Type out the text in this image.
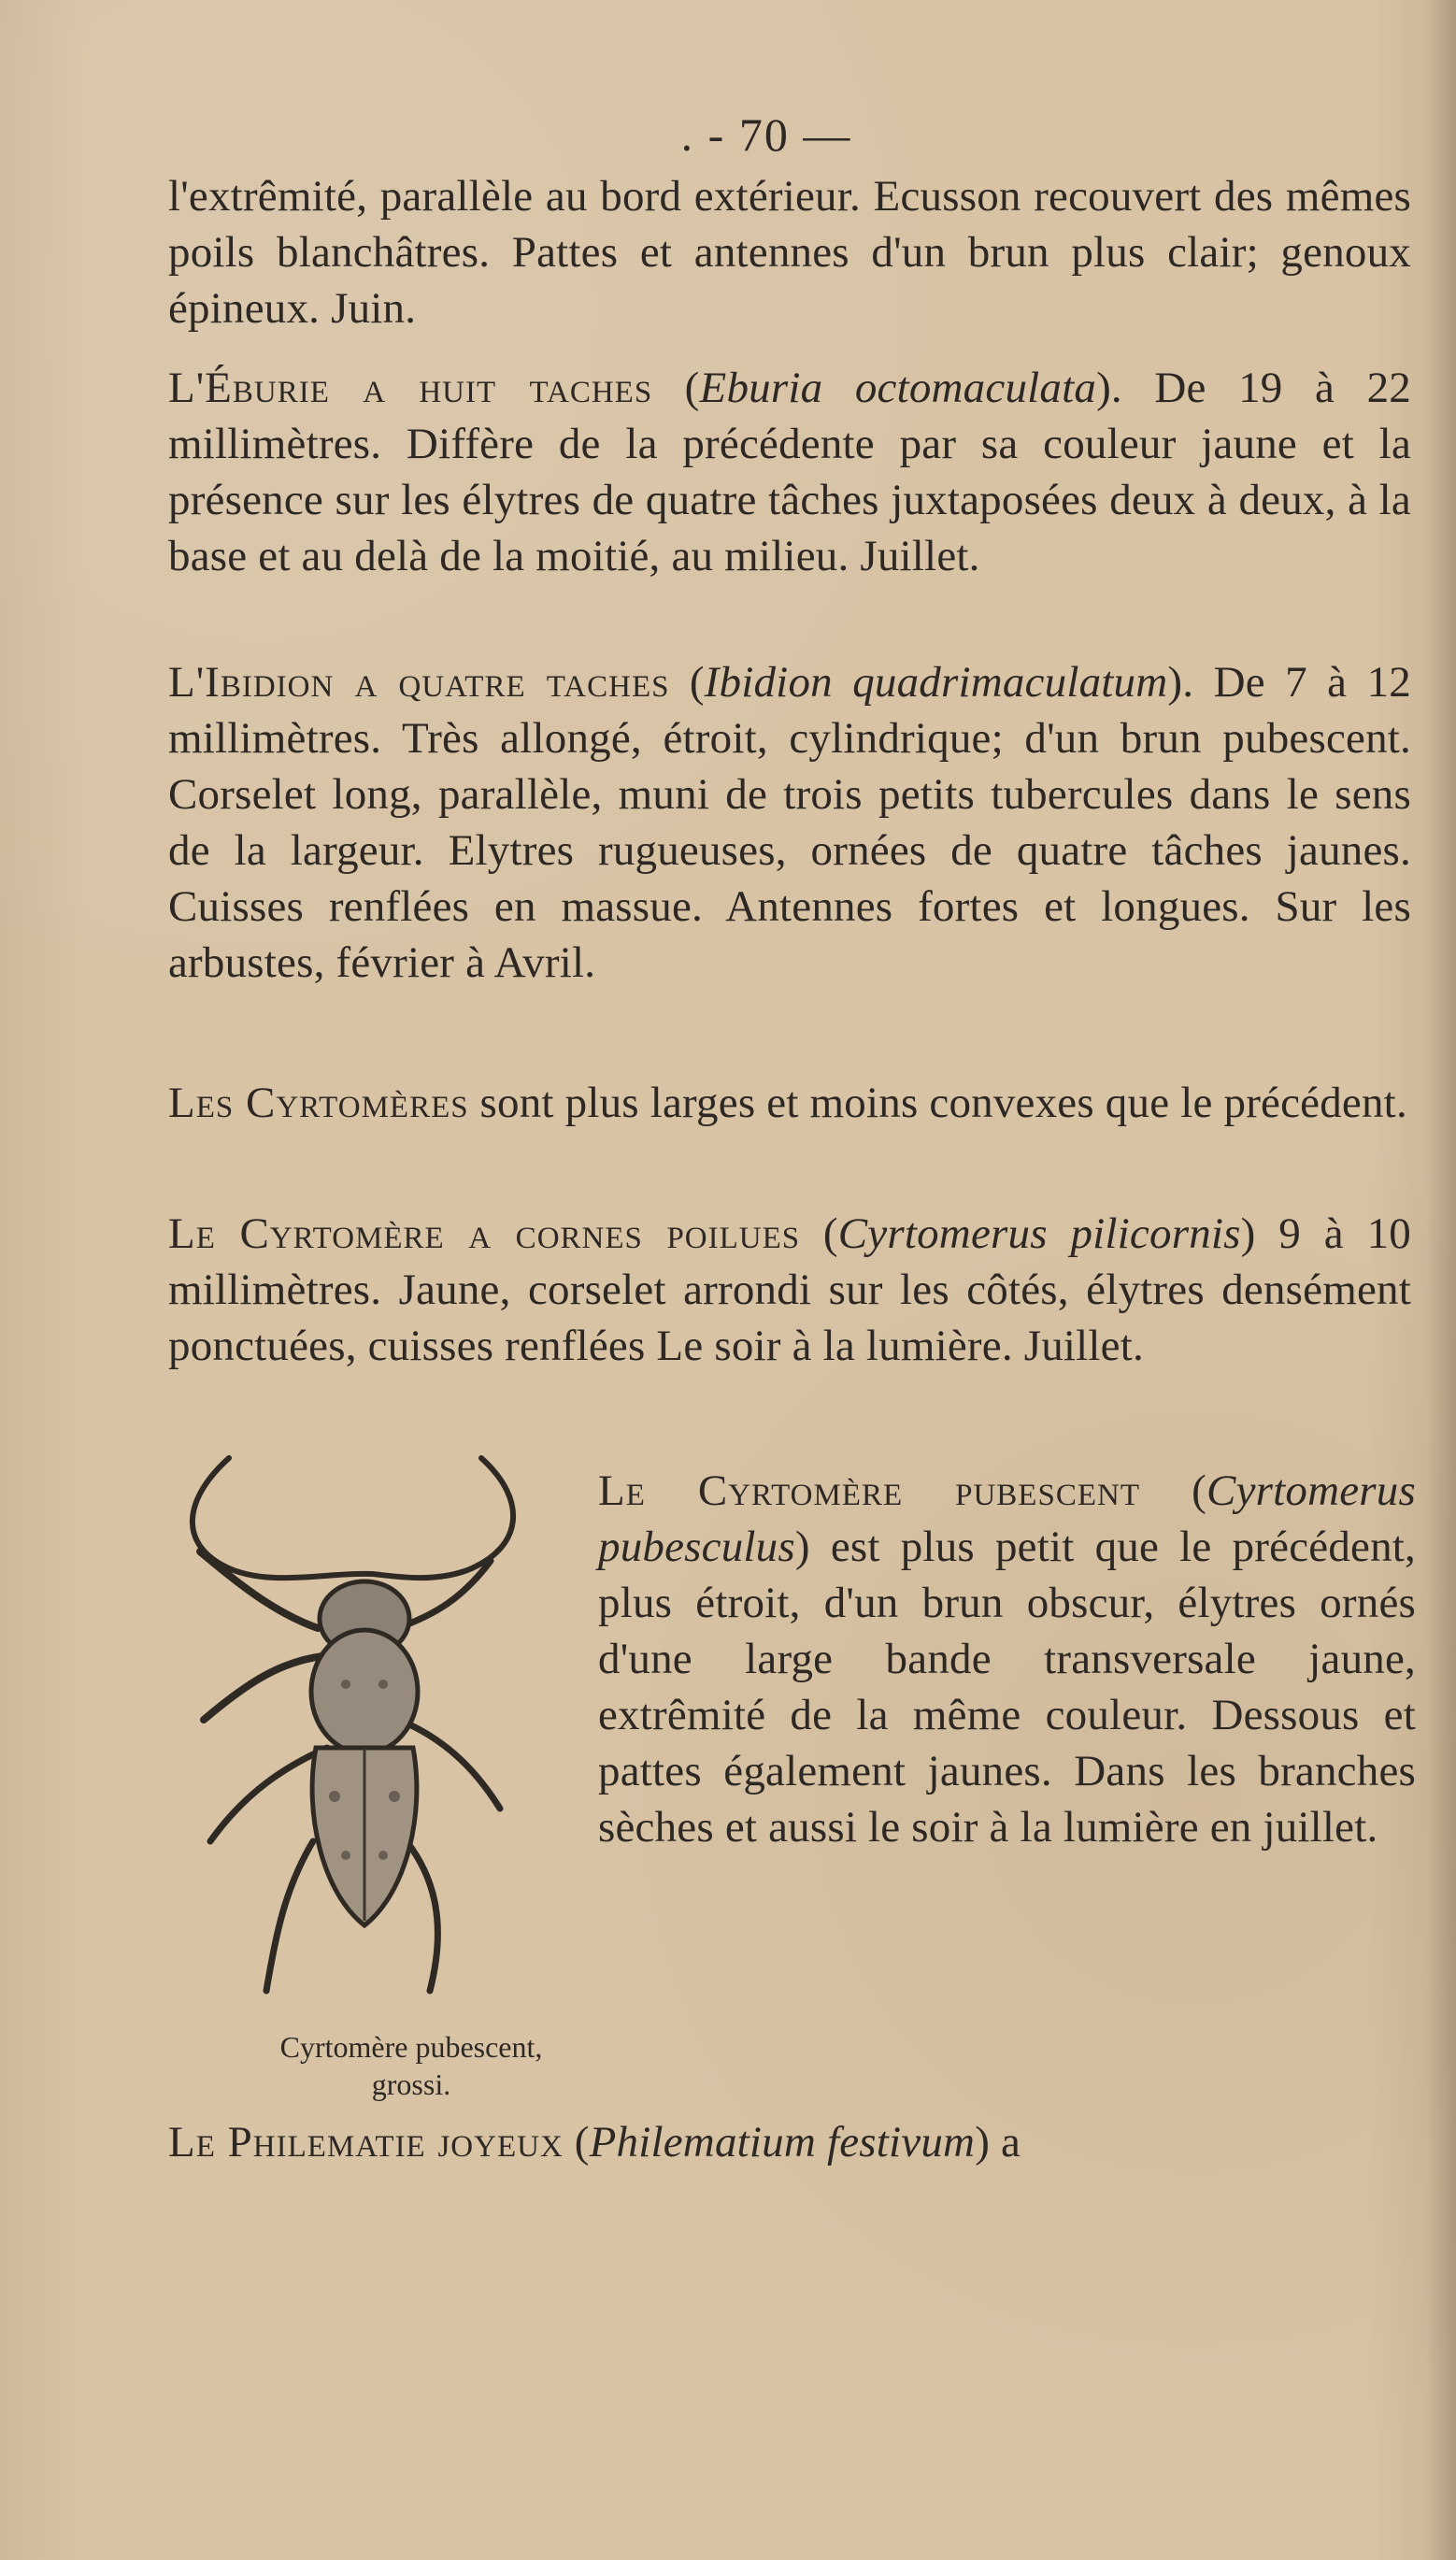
. - 70 —
l'extrêmité, parallèle au bord extérieur. Ecusson recouvert des mêmes poils blanchâtres. Pattes et antennes d'un brun plus clair; genoux épineux. Juin.
L'Éburie a huit taches (Eburia octomaculata). De 19 à 22 millimètres. Diffère de la précédente par sa couleur jaune et la présence sur les élytres de quatre tâches juxtaposées deux à deux, à la base et au delà de la moitié, au milieu. Juillet.
L'Ibidion a quatre taches (Ibidion quadrimaculatum). De 7 à 12 millimètres. Très allongé, étroit, cylindrique; d'un brun pubescent. Corselet long, parallèle, muni de trois petits tubercules dans le sens de la largeur. Elytres rugueuses, ornées de quatre tâches jaunes. Cuisses renflées en massue. Antennes fortes et longues. Sur les arbustes, février à Avril.
Les Cyrtomères sont plus larges et moins convexes que le précédent.
Le Cyrtomère a cornes poilues (Cyrtomerus pilicornis) 9 à 10 millimètres. Jaune, corselet arrondi sur les côtés, élytres densément ponctuées, cuisses renflées Le soir à la lumière. Juillet.
Le Cyrtomère pubescent (Cyrtomerus pubesculus) est plus petit que le précédent, plus étroit, d'un brun obscur, élytres ornés d'une large bande transversale jaune, extrêmité de la même couleur. Dessous et pattes également jaunes. Dans les branches sèches et aussi le soir à la lumière en juillet.
Cyrtomère pubescent,
grossi.
Le Philematie joyeux (Philematium festivum) a
